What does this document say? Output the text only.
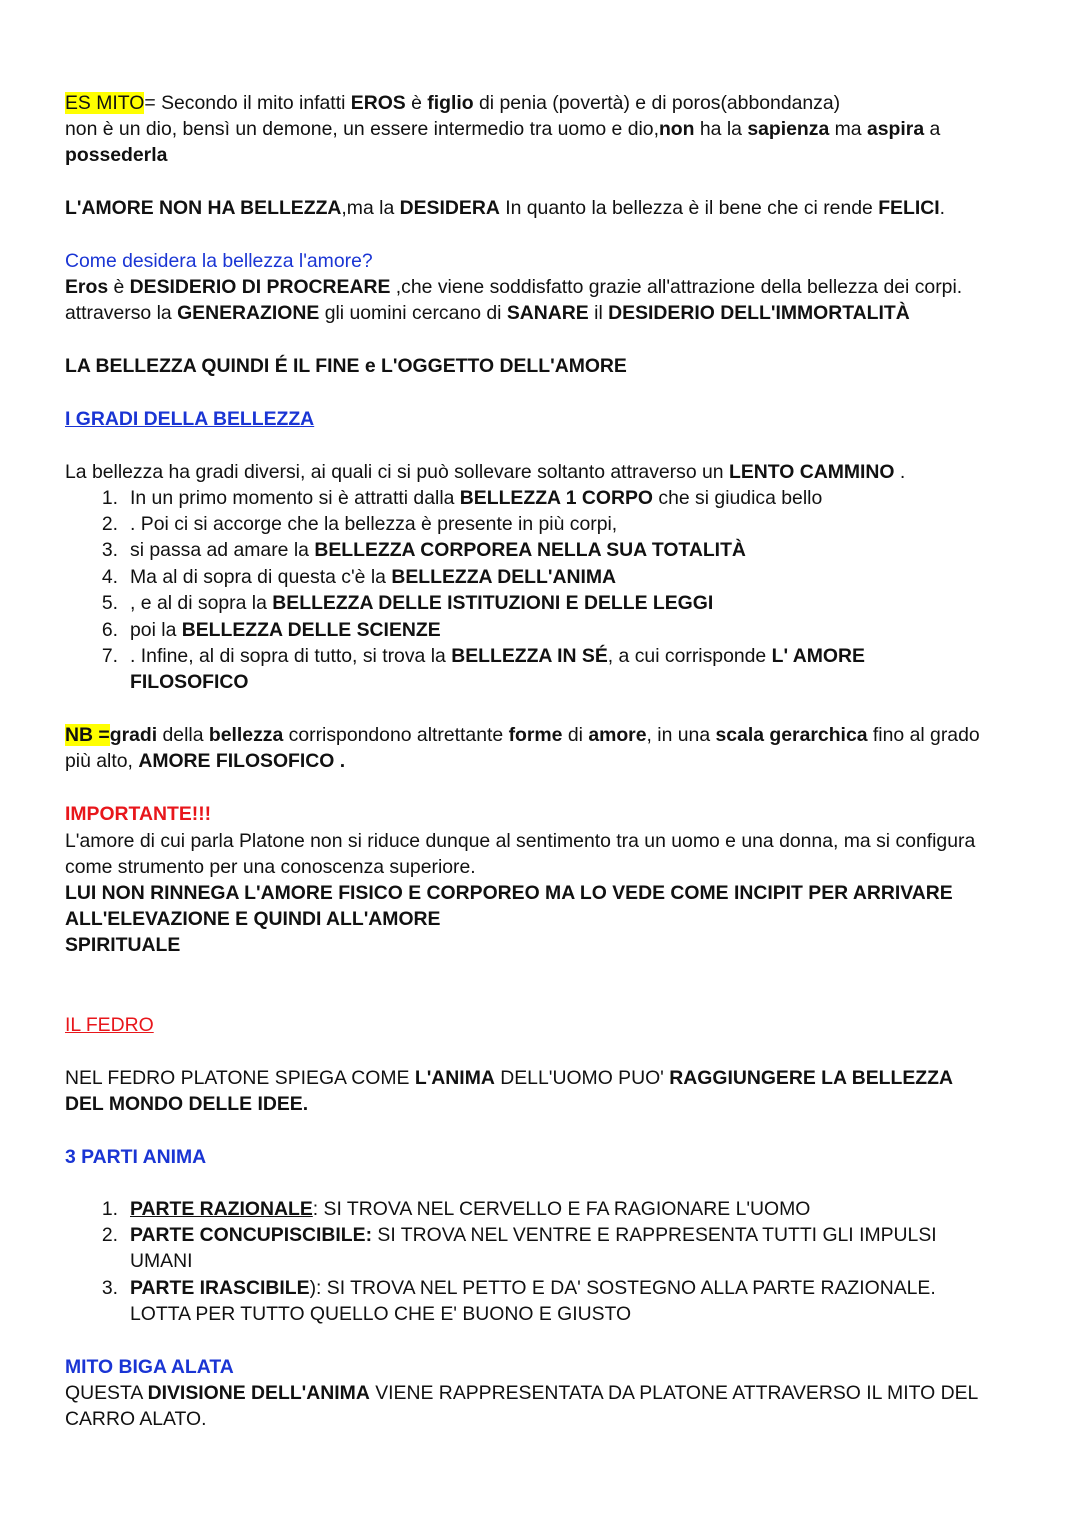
ES MITO= Secondo il mito infatti EROS è figlio di penia (povertà) e di poros(abbondanza)
non è un dio, bensì un demone, un essere intermedio tra uomo e dio,non ha la sapienza ma aspira a
possederla
L'AMORE NON HA BELLEZZA,ma la DESIDERA In quanto la bellezza è il bene che ci rende FELICI.
Come desidera la bellezza l'amore?
Eros è DESIDERIO DI PROCREARE ,che viene soddisfatto grazie all'attrazione della bellezza dei corpi.
attraverso la GENERAZIONE gli uomini cercano di SANARE il DESIDERIO DELL'IMMORTALITÀ
LA BELLEZZA QUINDI É IL FINE e L'OGGETTO DELL'AMORE
I GRADI DELLA BELLEZZA
La bellezza ha gradi diversi, ai quali ci si può sollevare soltanto attraverso un LENTO CAMMINO .
1. In un primo momento si è attratti dalla BELLEZZA 1 CORPO che si giudica bello
2. . Poi ci si accorge che la bellezza è presente in più corpi,
3. si passa ad amare la BELLEZZA CORPOREA NELLA SUA TOTALITÀ
4. Ma al di sopra di questa c'è la BELLEZZA DELL'ANIMA
5. , e al di sopra la BELLEZZA DELLE ISTITUZIONI E DELLE LEGGI
6. poi la BELLEZZA DELLE SCIENZE
7. . Infine, al di sopra di tutto, si trova la BELLEZZA IN SÉ, a cui corrisponde L' AMORE
FILOSOFICO
NB =gradi della bellezza corrispondono altrettante forme di amore, in una scala gerarchica fino al grado
più alto, AMORE FILOSOFICO .
IMPORTANTE!!!
L'amore di cui parla Platone non si riduce dunque al sentimento tra un uomo e una donna, ma si configura
come strumento per una conoscenza superiore.
LUI NON RINNEGA L'AMORE FISICO E CORPOREO MA LO VEDE COME INCIPIT PER ARRIVARE
ALL'ELEVAZIONE E QUINDI ALL'AMORE
SPIRITUALE
IL FEDRO
NEL FEDRO PLATONE SPIEGA COME L'ANIMA DELL'UOMO PUO' RAGGIUNGERE LA BELLEZZA
DEL MONDO DELLE IDEE.
3 PARTI ANIMA
1. PARTE RAZIONALE: SI TROVA NEL CERVELLO E FA RAGIONARE L'UOMO
2. PARTE CONCUPISCIBILE: SI TROVA NEL VENTRE E RAPPRESENTA TUTTI GLI IMPULSI
UMANI
3. PARTE IRASCIBILE): SI TROVA NEL PETTO E DA' SOSTEGNO ALLA PARTE RAZIONALE.
LOTTA PER TUTTO QUELLO CHE E' BUONO E GIUSTO
MITO BIGA ALATA
QUESTA DIVISIONE DELL'ANIMA VIENE RAPPRESENTATA DA PLATONE ATTRAVERSO IL MITO DEL
CARRO ALATO.
